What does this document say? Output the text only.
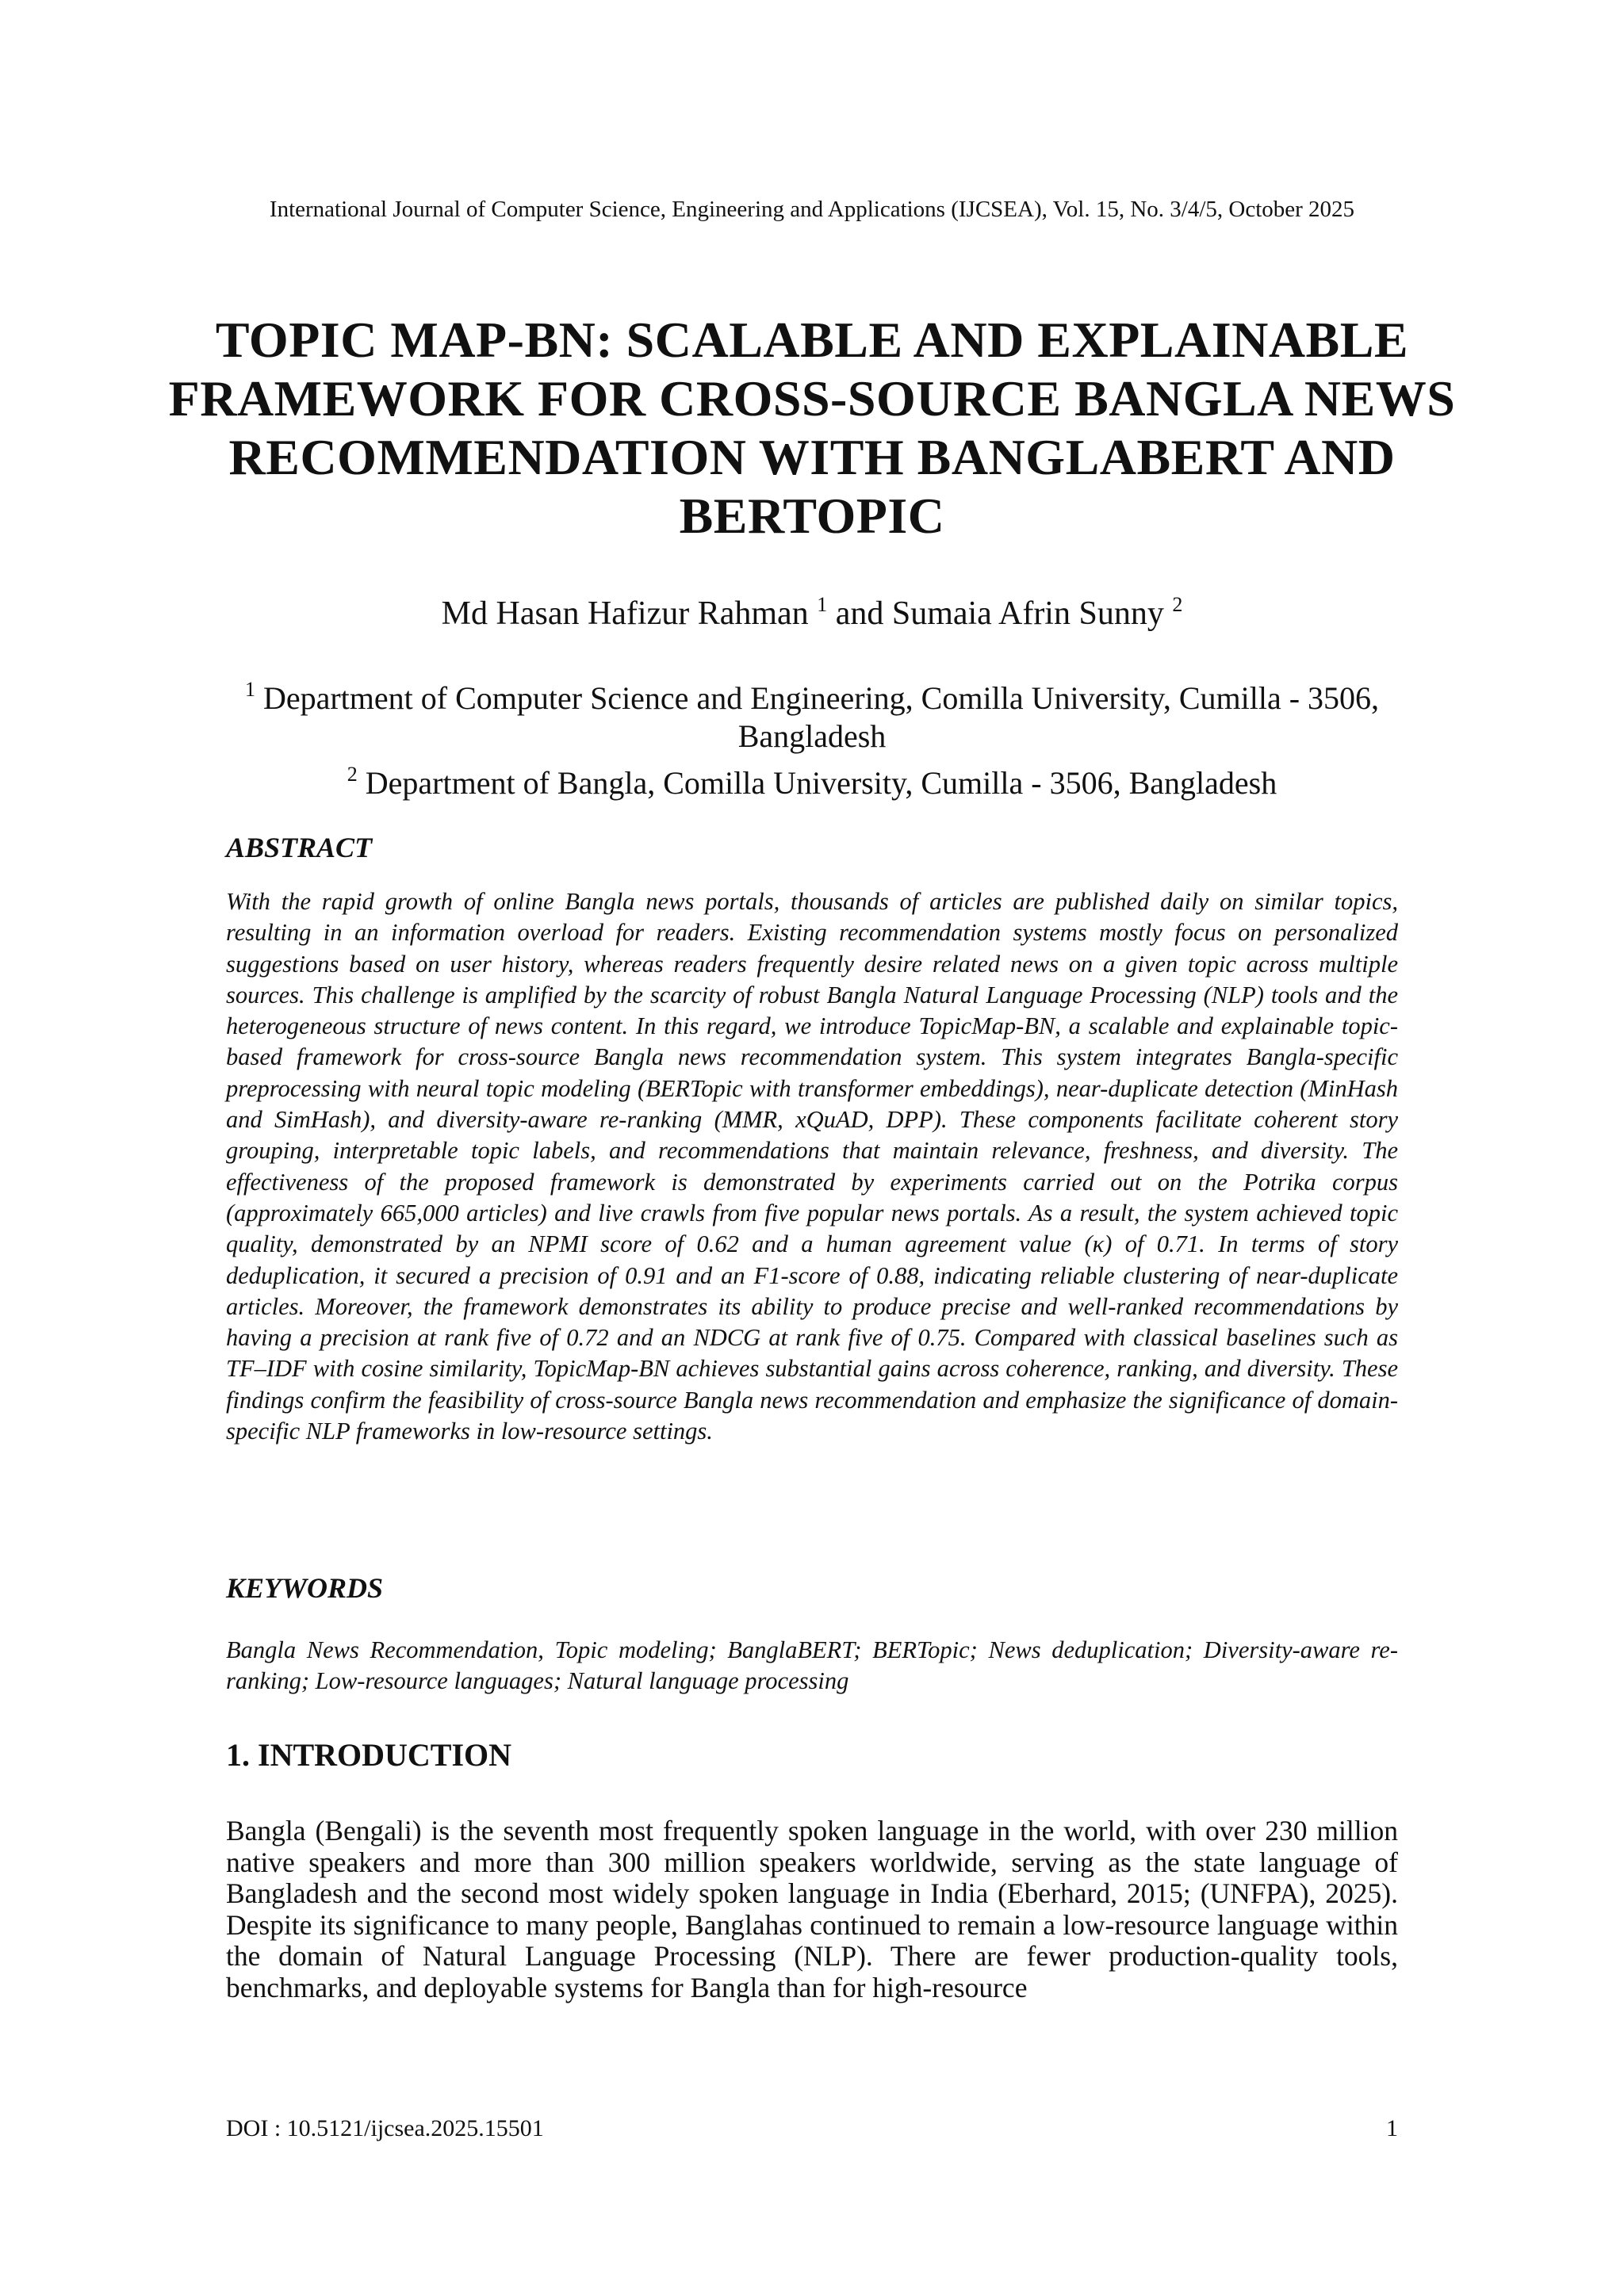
International Journal of Computer Science, Engineering and Applications (IJCSEA), Vol. 15, No. 3/4/5, October 2025
TOPIC MAP-BN: SCALABLE AND EXPLAINABLE
FRAMEWORK FOR CROSS-SOURCE BANGLA NEWS
RECOMMENDATION WITH BANGLABERT AND
BERTOPIC
Md Hasan Hafizur Rahman $^1$ and Sumaia Afrin Sunny $^2$
$^1$ Department of Computer Science and Engineering, Comilla University, Cumilla - 3506, Bangladesh
$^2$ Department of Bangla, Comilla University, Cumilla - 3506, Bangladesh
ABSTRACT

With the rapid growth of online Bangla news portals, thousands of articles are published daily on similar topics, resulting in an information overload for readers. Existing recommendation systems mostly focus on personalized suggestions based on user history, whereas readers frequently desire related news on a given topic across multiple sources. This challenge is amplified by the scarcity of robust Bangla Natural Language Processing (NLP) tools and the heterogeneous structure of news content. In this regard, we introduce TopicMap-BN, a scalable and explainable topic-based framework for cross-source Bangla news recommendation system. This system integrates Bangla-specific preprocessing with neural topic modeling (BERTopic with transformer embeddings), near-duplicate detection (MinHash and SimHash), and diversity-aware re-ranking (MMR, xQuAD, DPP). These components facilitate coherent story grouping, interpretable topic labels, and recommendations that maintain relevance, freshness, and diversity. The effectiveness of the proposed framework is demonstrated by experiments carried out on the Potrika corpus (approximately 665,000 articles) and live crawls from five popular news portals. As a result, the system achieved topic quality, demonstrated by an NPMI score of 0.62 and a human agreement value (κ) of 0.71. In terms of story deduplication, it secured a precision of 0.91 and an F1-score of 0.88, indicating reliable clustering of near-duplicate articles. Moreover, the framework demonstrates its ability to produce precise and well-ranked recommendations by having a precision at rank five of 0.72 and an NDCG at rank five of 0.75. Compared with classical baselines such as TF–IDF with cosine similarity, TopicMap-BN achieves substantial gains across coherence, ranking, and diversity. These findings confirm the feasibility of cross-source Bangla news recommendation and emphasize the significance of domain-specific NLP frameworks in low-resource settings.

KEYWORDS

Bangla News Recommendation, Topic modeling; BanglaBERT; BERTopic; News deduplication; Diversity-aware re-ranking; Low-resource languages; Natural language processing

1. INTRODUCTION

Bangla (Bengali) is the seventh most frequently spoken language in the world, with over 230 million native speakers and more than 300 million speakers worldwide, serving as the state language of Bangladesh and the second most widely spoken language in India (Eberhard, 2015; (UNFPA), 2025). Despite its significance to many people, Banglahas continued to remain a low-resource language within the domain of Natural Language Processing (NLP). There are fewer production-quality tools, benchmarks, and deployable systems for Bangla than for high-resource

DOI : 10.5121/ijcsea.2025.15501	1
